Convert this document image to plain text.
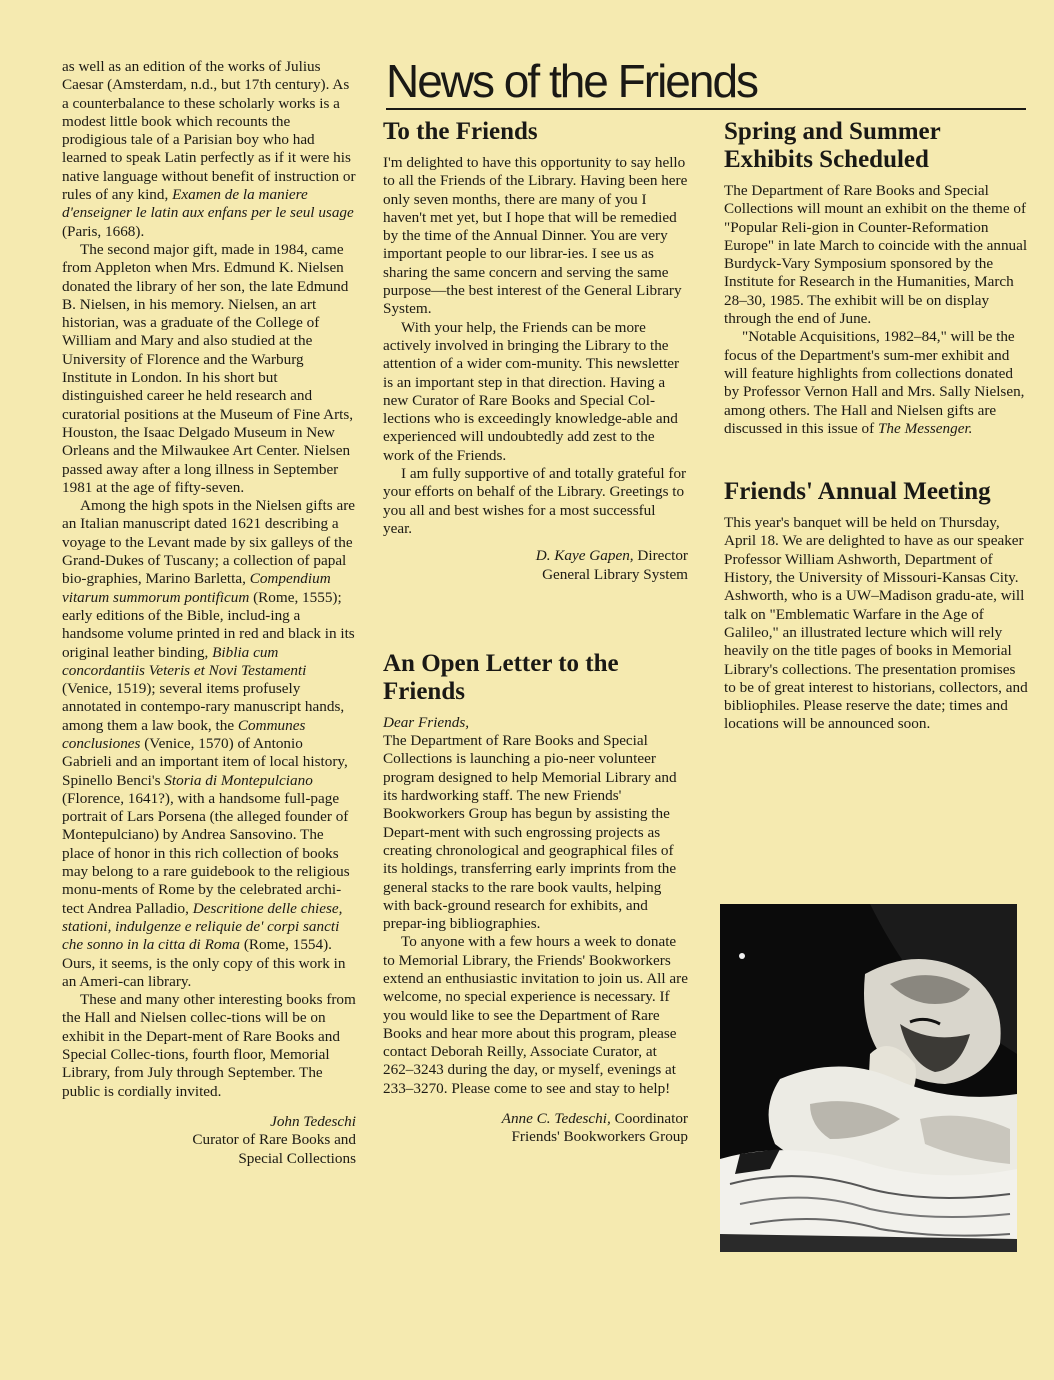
News of the Friends

as well as an edition of the works of Julius Caesar (Amsterdam, n.d., but 17th century). As a counterbalance to these scholarly works is a modest little book which recounts the prodigious tale of a Parisian boy who had learned to speak Latin perfectly as if it were his native language without benefit of instruction or rules of any kind, Examen de la maniere d'enseigner le latin aux enfans per le seul usage (Paris, 1668).

The second major gift, made in 1984, came from Appleton when Mrs. Edmund K. Nielsen donated the library of her son, the late Edmund B. Nielsen, in his memory. Nielsen, an art historian, was a graduate of the College of William and Mary and also studied at the University of Florence and the Warburg Institute in London. In his short but distinguished career he held research and curatorial positions at the Museum of Fine Arts, Houston, the Isaac Delgado Museum in New Orleans and the Milwaukee Art Center. Nielsen passed away after a long illness in September 1981 at the age of fifty-seven.

Among the high spots in the Nielsen gifts are an Italian manuscript dated 1621 describing a voyage to the Levant made by six galleys of the Grand-Dukes of Tuscany; a collection of papal bio-graphies, Marino Barletta, Compendium vitarum summorum pontificum (Rome, 1555); early editions of the Bible, includ-ing a handsome volume printed in red and black in its original leather binding, Biblia cum concordantiis Veteris et Novi Testamenti (Venice, 1519); several items profusely annotated in contempo-rary manuscript hands, among them a law book, the Communes conclusiones (Venice, 1570) of Antonio Gabrieli and an important item of local history, Spinello Benci's Storia di Montepulciano (Florence, 1641?), with a handsome full-page portrait of Lars Porsena (the alleged founder of Montepulciano) by Andrea Sansovino. The place of honor in this rich collection of books may belong to a rare guidebook to the religious monu-ments of Rome by the celebrated archi-tect Andrea Palladio, Descritione delle chiese, stationi, indulgenze e reliquie de' corpi sancti che sonno in la citta di Roma (Rome, 1554). Ours, it seems, is the only copy of this work in an Ameri-can library.

These and many other interesting books from the Hall and Nielsen collec-tions will be on exhibit in the Depart-ment of Rare Books and Special Collec-tions, fourth floor, Memorial Library, from July through September. The public is cordially invited.

John Tedeschi
Curator of Rare Books and
Special Collections
To the Friends

I'm delighted to have this opportunity to say hello to all the Friends of the Library. Having been here only seven months, there are many of you I haven't met yet, but I hope that will be remedied by the time of the Annual Dinner. You are very important people to our librar-ies. I see us as sharing the same concern and serving the same purpose—the best interest of the General Library System.

With your help, the Friends can be more actively involved in bringing the Library to the attention of a wider com-munity. This newsletter is an important step in that direction. Having a new Curator of Rare Books and Special Col-lections who is exceedingly knowledge-able and experienced will undoubtedly add zest to the work of the Friends.

I am fully supportive of and totally grateful for your efforts on behalf of the Library. Greetings to you all and best wishes for a most successful year.

D. Kaye Gapen, Director
General Library System
An Open Letter to the Friends

Dear Friends,

The Department of Rare Books and Special Collections is launching a pio-neer volunteer program designed to help Memorial Library and its hardworking staff. The new Friends' Bookworkers Group has begun by assisting the Depart-ment with such engrossing projects as creating chronological and geographical files of its holdings, transferring early imprints from the general stacks to the rare book vaults, helping with back-ground research for exhibits, and prepar-ing bibliographies.

To anyone with a few hours a week to donate to Memorial Library, the Friends' Bookworkers extend an enthusiastic invitation to join us. All are welcome, no special experience is necessary. If you would like to see the Department of Rare Books and hear more about this program, please contact Deborah Reilly, Associate Curator, at 262–3243 during the day, or myself, evenings at 233–3270. Please come to see and stay to help!

Anne C. Tedeschi, Coordinator
Friends' Bookworkers Group
Spring and Summer Exhibits Scheduled

The Department of Rare Books and Special Collections will mount an exhibit on the theme of "Popular Reli-gion in Counter-Reformation Europe" in late March to coincide with the annual Burdyck-Vary Symposium sponsored by the Institute for Research in the Humanities, March 28–30, 1985. The exhibit will be on display through the end of June.

"Notable Acquisitions, 1982–84," will be the focus of the Department's sum-mer exhibit and will feature highlights from collections donated by Professor Vernon Hall and Mrs. Sally Nielsen, among others. The Hall and Nielsen gifts are discussed in this issue of The Messenger.

Friends' Annual Meeting

This year's banquet will be held on Thursday, April 18. We are delighted to have as our speaker Professor William Ashworth, Department of History, the University of Missouri-Kansas City. Ashworth, who is a UW–Madison gradu-ate, will talk on "Emblematic Warfare in the Age of Galileo," an illustrated lecture which will rely heavily on the title pages of books in Memorial Library's collections. The presentation promises to be of great interest to historians, collectors, and bibliophiles. Please reserve the date; times and locations will be announced soon.
